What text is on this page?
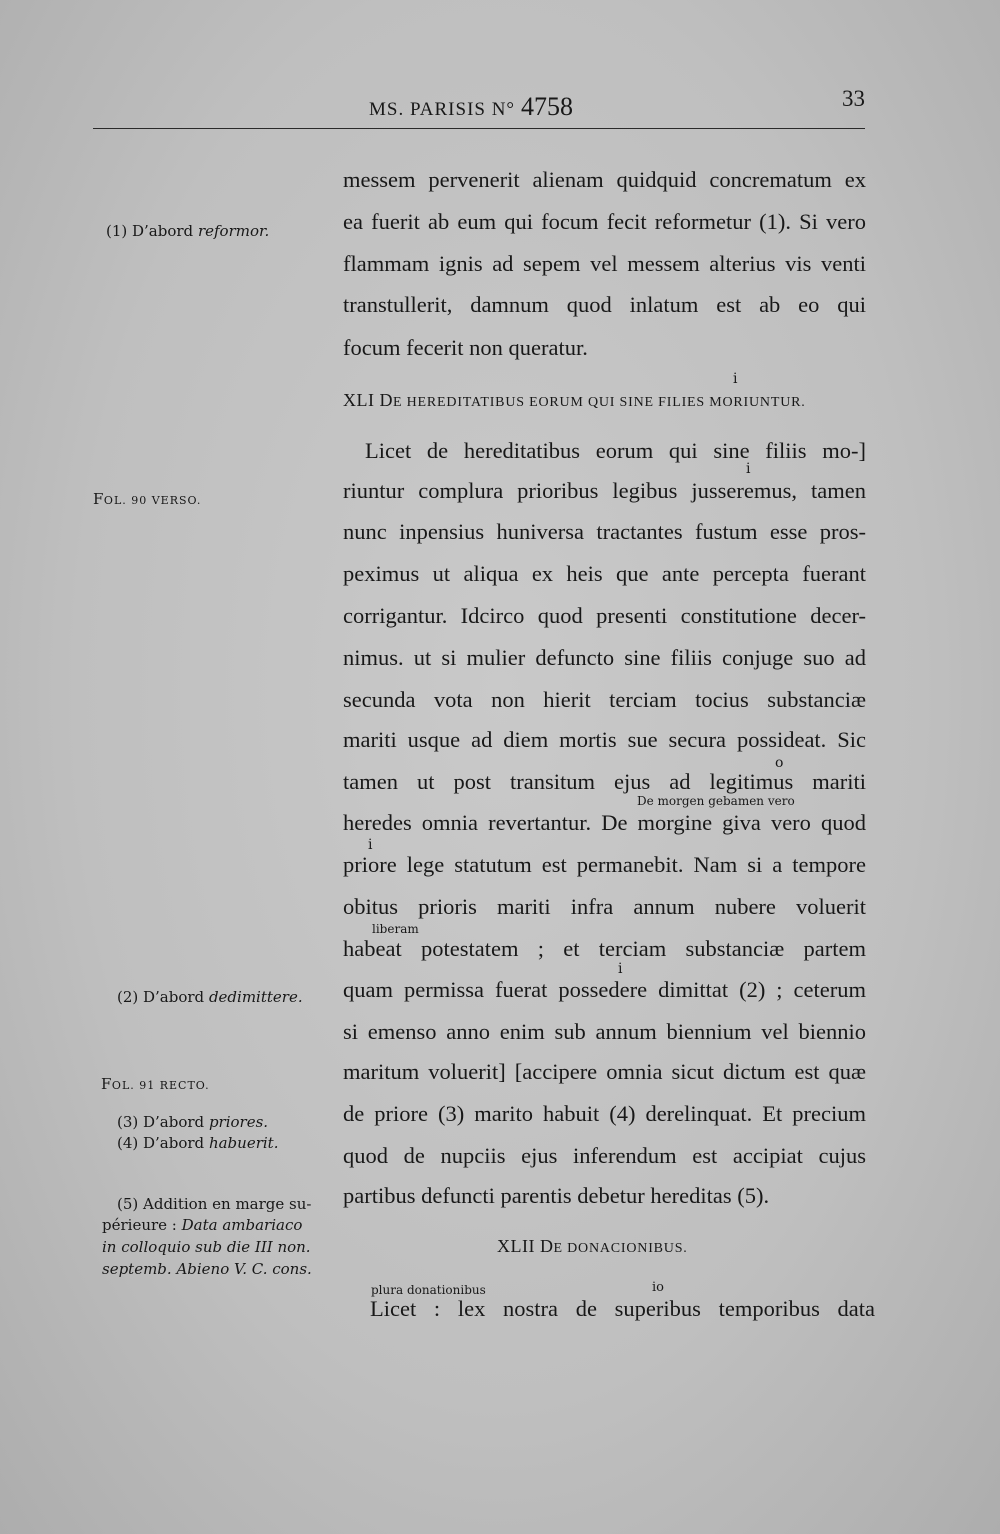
MS. PARISIS N° 4758	33
messem pervenerit alienam quidquid concrematum ex
ea fuerit ab eum qui focum fecit reformetur (1). Si vero
flammam ignis ad sepem vel messem alterius vis venti
transtullerit, damnum quod inlatum est ab eo qui
focum fecerit non queratur.
i
XLI DE HEREDITATIBUS EORUM QUI SINE FILIES MORIUNTUR.
Licet de hereditatibus eorum qui sine filiis mo-]
i
riuntur complura prioribus legibus jusseremus, tamen
nunc inpensius huniversa tractantes fustum esse pros-
peximus ut aliqua ex heis que ante percepta fuerant
corrigantur. Idcirco quod presenti constitutione decer-
nimus. ut si mulier defuncto sine filiis conjuge suo ad
secunda vota non hierit terciam tocius substanciæ
mariti usque ad diem mortis sue secura possideat. Sic
o
tamen ut post transitum ejus ad legitimus mariti
De morgen gebamen vero
heredes omnia revertantur. De morgine giva vero quod
i
priore lege statutum est permanebit. Nam si a tempore
obitus prioris mariti infra annum nubere voluerit
liberam
habeat potestatem ; et terciam substanciæ partem
i
quam permissa fuerat possedere dimittat (2) ; ceterum
si emenso anno enim sub annum biennium vel biennio
maritum voluerit] [accipere omnia sicut dictum est quæ
de priore (3) marito habuit (4) derelinquat. Et precium
quod de nupciis ejus inferendum est accipiat cujus
partibus defuncti parentis debetur hereditas (5).
XLII DE DONACIONIBUS.
plura donationibus	io
Licet : lex nostra de superibus temporibus data
(1) D’abord reformor.
FOL. 90 VERSO.
(2) D’abord dedimittere.
FOL. 91 RECTO.
(3) D’abord priores.
(4) D’abord habuerit.
(5) Addition en marge su-
périeure : Data ambariaco
in colloquio sub die III non.
septemb. Abieno V. C. cons.
